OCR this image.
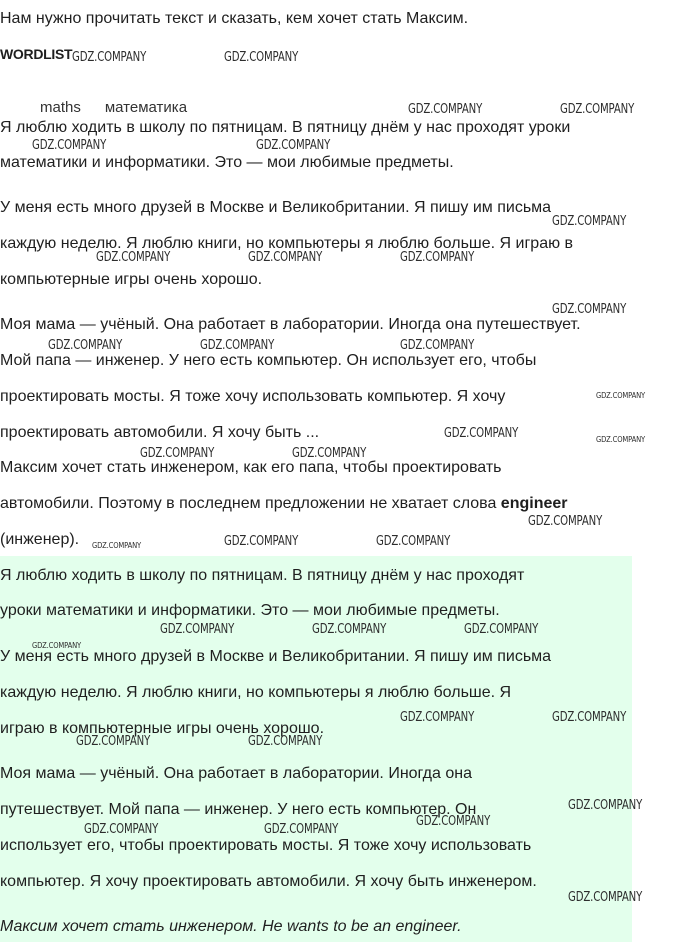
Нам нужно прочитать текст и сказать, кем хочет стать Максим.

WORDLIST
maths математика

Я люблю ходить в школу по пятницам. В пятницу днём у нас проходят уроки

математики и информатики. Это — мои любимые предметы.

У меня есть много друзей в Москве и Великобритании. Я пишу им письма

каждую неделю. Я люблю книги, но компьютеры я люблю больше. Я играю в

компьютерные игры очень хорошо.

Моя мама — учёный. Она работает в лаборатории. Иногда она путешествует.

Мой папа — инженер. У него есть компьютер. Он использует его, чтобы

проектировать мосты. Я тоже хочу использовать компьютер. Я хочу

проектировать автомобили. Я хочу быть ...

Максим хочет стать инженером, как его папа, чтобы проектировать

автомобили. Поэтому в последнем предложении не хватает слова engineer

(инженер).

Я люблю ходить в школу по пятницам. В пятницу днём у нас проходят

уроки математики и информатики. Это — мои любимые предметы.

У меня есть много друзей в Москве и Великобритании. Я пишу им письма

каждую неделю. Я люблю книги, но компьютеры я люблю больше. Я

играю в компьютерные игры очень хорошо.

Моя мама — учёный. Она работает в лаборатории. Иногда она

путешествует. Мой папа — инженер. У него есть компьютер. Он

использует его, чтобы проектировать мосты. Я тоже хочу использовать

компьютер. Я хочу проектировать автомобили. Я хочу быть инженером.

Максим хочет стать инженером. He wants to be an engineer.

GDZ.COMPANY	GDZ.COMPANY
GDZ.COMPANY	GDZ.COMPANY
GDZ.COMPANY	GDZ.COMPANY
GDZ.COMPANY
GDZ.COMPANY	GDZ.COMPANY	GDZ.COMPANY
GDZ.COMPANY
GDZ.COMPANY	GDZ.COMPANY	GDZ.COMPANY
GDZ.COMPANY
GDZ.COMPANY	GDZ.COMPANY
GDZ.COMPANY	GDZ.COMPANY
GDZ.COMPANY
GDZ.COMPANY	GDZ.COMPANY	GDZ.COMPANY
GDZ.COMPANY	GDZ.COMPANY	GDZ.COMPANY
GDZ.COMPANY
GDZ.COMPANY	GDZ.COMPANY
GDZ.COMPANY	GDZ.COMPANY
GDZ.COMPANY
GDZ.COMPANY
GDZ.COMPANY	GDZ.COMPANY
GDZ.COMPANY
